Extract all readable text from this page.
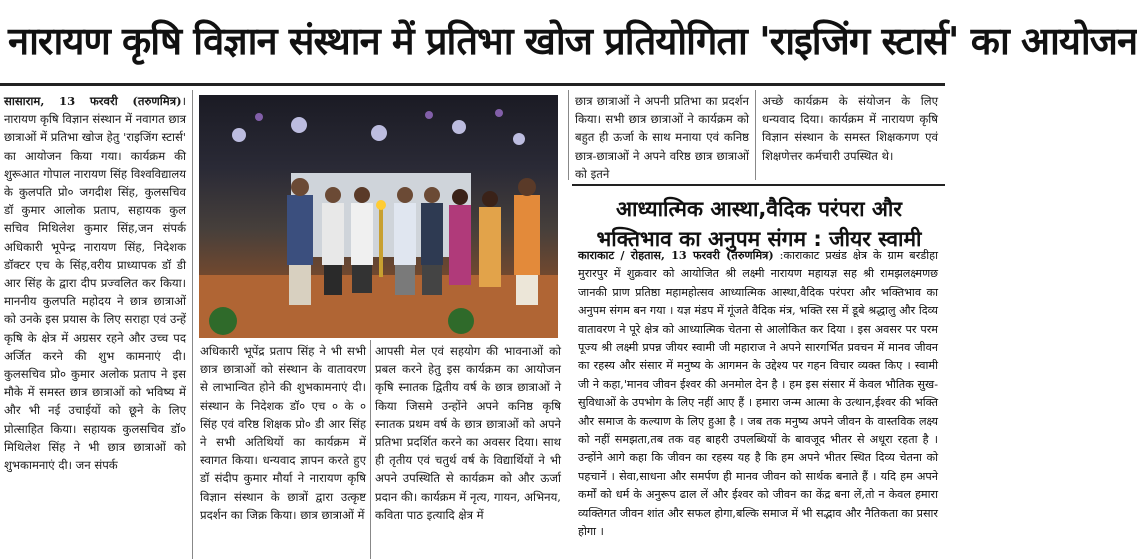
नारायण कृषि विज्ञान संस्थान में प्रतिभा खोज प्रतियोगिता 'राइजिंग स्टार्स' का आयोजन

सासाराम, 13 फरवरी (तरुणमित्र)। नारायण कृषि विज्ञान संस्थान में नवागत छात्र छात्राओं में प्रतिभा खोज हेतु 'राइजिंग स्टार्स' का आयोजन किया गया। कार्यक्रम की शुरूआत गोपाल नारायण सिंह विश्वविद्यालय के कुलपति प्रो० जगदीश सिंह, कुलसचिव डॉ कुमार आलोक प्रताप, सहायक कुल सचिव मिथिलेश कुमार सिंह,जन संपर्क अधिकारी भूपेन्द्र नारायण सिंह, निदेशक डॉक्टर एच के सिंह,वरीय प्राध्यापक डॉ डी आर सिंह के द्वारा दीप प्रज्वलित कर किया। माननीय कुलपति महोदय ने छात्र छात्राओं को उनके इस प्रयास के लिए सराहा एवं उन्हें कृषि के क्षेत्र में अग्रसर रहने और उच्च पद अर्जित करने की शुभ कामनाएं दी। कुलसचिव प्रो० कुमार अलोक प्रताप ने इस मौके में समस्त छात्र छात्राओं को भविष्य में और भी नई उचाईयों को छूने के लिए प्रोत्साहित किया। सहायक कुलसचिव डॉ० मिथिलेश सिंह ने भी छात्र छात्राओं को शुभकामनाएं दी। जन संपर्क

अधिकारी भूपेंद्र प्रताप सिंह ने भी सभी छात्र छात्राओं को संस्थान के वातावरण से लाभान्वित होने की शुभकामनाएं दी। संस्थान के निदेशक डॉ० एच ० के ० सिंह एवं वरिष्ठ शिक्षक प्रो० डी आर सिंह ने सभी अतिथियों का कार्यक्रम में स्वागत किया। धन्यवाद ज्ञापन करते हुए डॉ संदीप कुमार मौर्या ने नारायण कृषि विज्ञान संस्थान के छात्रों द्वारा उत्कृष्ट प्रदर्शन का जिक्र किया। छात्र छात्राओं में

आपसी मेल एवं सहयोग की भावनाओं को प्रबल करने हेतु इस कार्यक्रम का आयोजन कृषि स्नातक द्वितीय वर्ष के छात्र छात्राओं ने किया जिसमे उन्होंने अपने कनिष्ठ कृषि स्नातक प्रथम वर्ष के छात्र छात्राओं को अपने प्रतिभा प्रदर्शित करने का अवसर दिया। साथ ही तृतीय एवं चतुर्थ वर्ष के विद्यार्थियों ने भी अपने उपस्थिति से कार्यक्रम को और ऊर्जा प्रदान की। कार्यक्रम में नृत्य, गायन, अभिनय, कविता पाठ इत्यादि क्षेत्र में

छात्र छात्राओं ने अपनी प्रतिभा का प्रदर्शन किया। सभी छात्र छात्राओं ने कार्यक्रम को बहुत ही ऊर्जा के साथ मनाया एवं कनिष्ठ छात्र-छात्राओं ने अपने वरिष्ठ छात्र छात्राओं को इतने

अच्छे कार्यक्रम के संयोजन के लिए धन्यवाद दिया। कार्यक्रम में नारायण कृषि विज्ञान संस्थान के समस्त शिक्षकगण एवं शिक्षणेत्तर कर्मचारी उपस्थित थे।

आध्यात्मिक आस्था,वैदिक परंपरा और भक्तिभाव का अनुपम संगम : जीयर स्वामी
काराकाट / रोहतास, 13 फरवरी (तरुणमित्र) :काराकाट प्रखंड क्षेत्र के ग्राम बरडीहा मुरारपुर में शुक्रवार को आयोजित श्री लक्ष्मी नारायण महायज्ञ सह श्री रामझलक्ष्मणछ जानकी प्राण प्रतिष्ठा महामहोत्सव आध्यात्मिक आस्था,वैदिक परंपरा और भक्तिभाव का अनुपम संगम बन गया । यज्ञ मंडप में गूंजते वैदिक मंत्र, भक्ति रस में डूबे श्रद्धालु और दिव्य वातावरण ने पूरे क्षेत्र को आध्यात्मिक चेतना से आलोकित कर दिया । इस अवसर पर परम पूज्य श्री लक्ष्मी प्रपन्न जीयर स्वामी जी महाराज ने अपने सारगर्भित प्रवचन में मानव जीवन का रहस्य और संसार में मनुष्य के आगमन के उद्देश्य पर गहन विचार व्यक्त किए । स्वामी जी ने कहा,'मानव जीवन ईश्वर की अनमोल देन है । हम इस संसार में केवल भौतिक सुख-सुविधाओं के उपभोग के लिए नहीं आए हैं । हमारा जन्म आत्मा के उत्थान,ईश्वर की भक्ति और समाज के कल्याण के लिए हुआ है । जब तक मनुष्य अपने जीवन के वास्तविक लक्ष्य को नहीं समझता,तब तक वह बाहरी उपलब्धियों के बावजूद भीतर से अधूरा रहता है । उन्होंने आगे कहा कि जीवन का रहस्य यह है कि हम अपने भीतर स्थित दिव्य चेतना को पहचानें । सेवा,साधना और समर्पण ही मानव जीवन को सार्थक बनाते हैं । यदि हम अपने कर्मों को धर्म के अनुरूप ढाल लें और ईश्वर को जीवन का केंद्र बना लें,तो न केवल हमारा व्यक्तिगत जीवन शांत और सफल होगा,बल्कि समाज में भी सद्भाव और नैतिकता का प्रसार होगा ।
